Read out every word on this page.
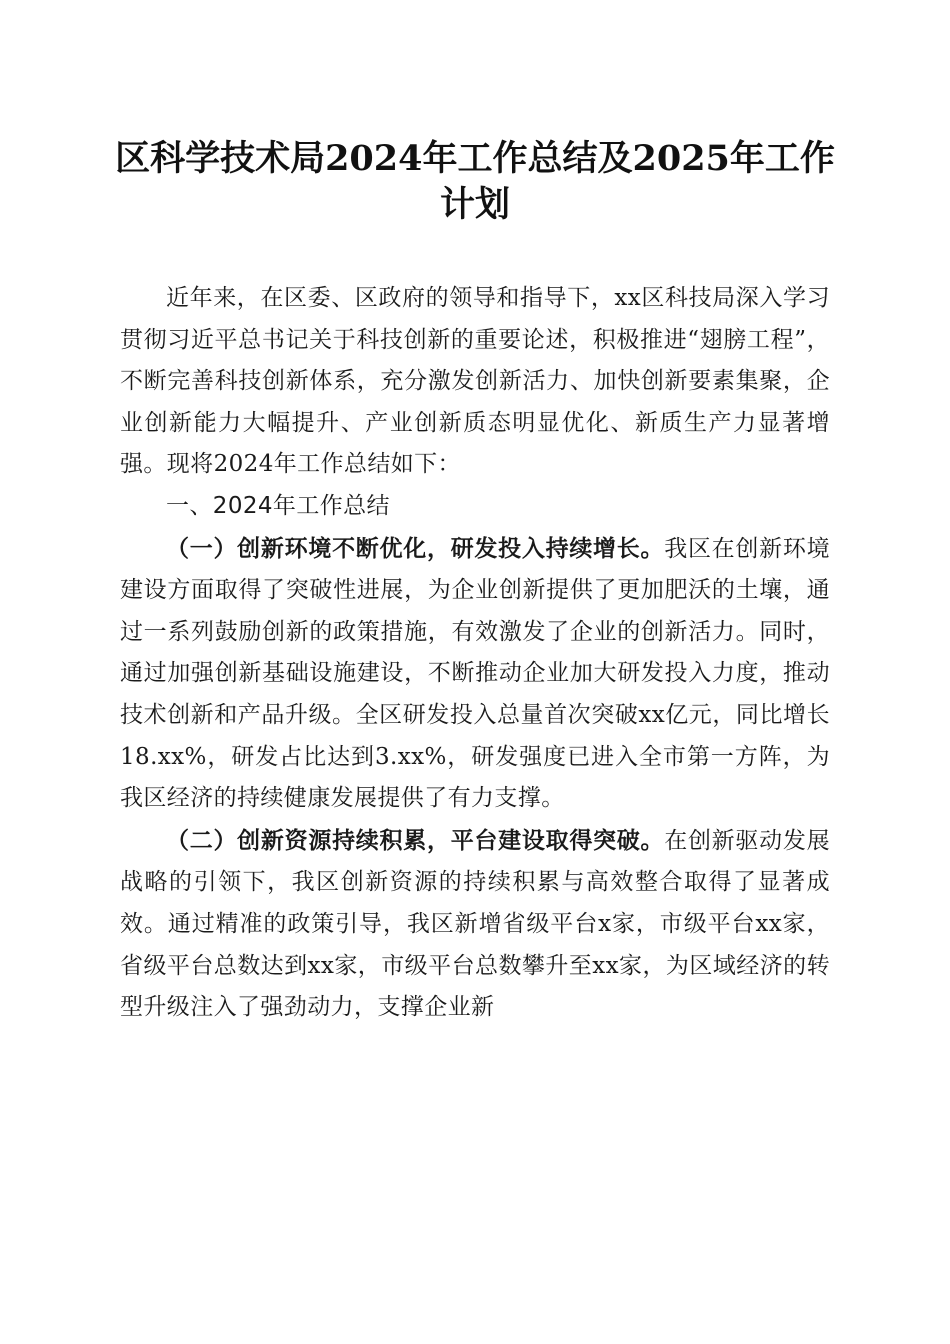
区科学技术局2024年工作总结及2025年工作计划

近年来，在区委、区政府的领导和指导下，xx区科技局深入学习贯彻习近平总书记关于科技创新的重要论述，积极推进“翅膀工程”，不断完善科技创新体系，充分激发创新活力、加快创新要素集聚，企业创新能力大幅提升、产业创新质态明显优化、新质生产力显著增强。现将2024年工作总结如下：

一、2024年工作总结

（一）创新环境不断优化，研发投入持续增长。我区在创新环境建设方面取得了突破性进展，为企业创新提供了更加肥沃的土壤，通过一系列鼓励创新的政策措施，有效激发了企业的创新活力。同时，通过加强创新基础设施建设，不断推动企业加大研发投入力度，推动技术创新和产品升级。全区研发投入总量首次突破xx亿元，同比增长18.xx%，研发占比达到3.xx%，研发强度已进入全市第一方阵，为我区经济的持续健康发展提供了有力支撑。

（二）创新资源持续积累，平台建设取得突破。在创新驱动发展战略的引领下，我区创新资源的持续积累与高效整合取得了显著成效。通过精准的政策引导，我区新增省级平台x家，市级平台xx家，省级平台总数达到xx家，市级平台总数攀升至xx家，为区域经济的转型升级注入了强劲动力，支撑企业新
